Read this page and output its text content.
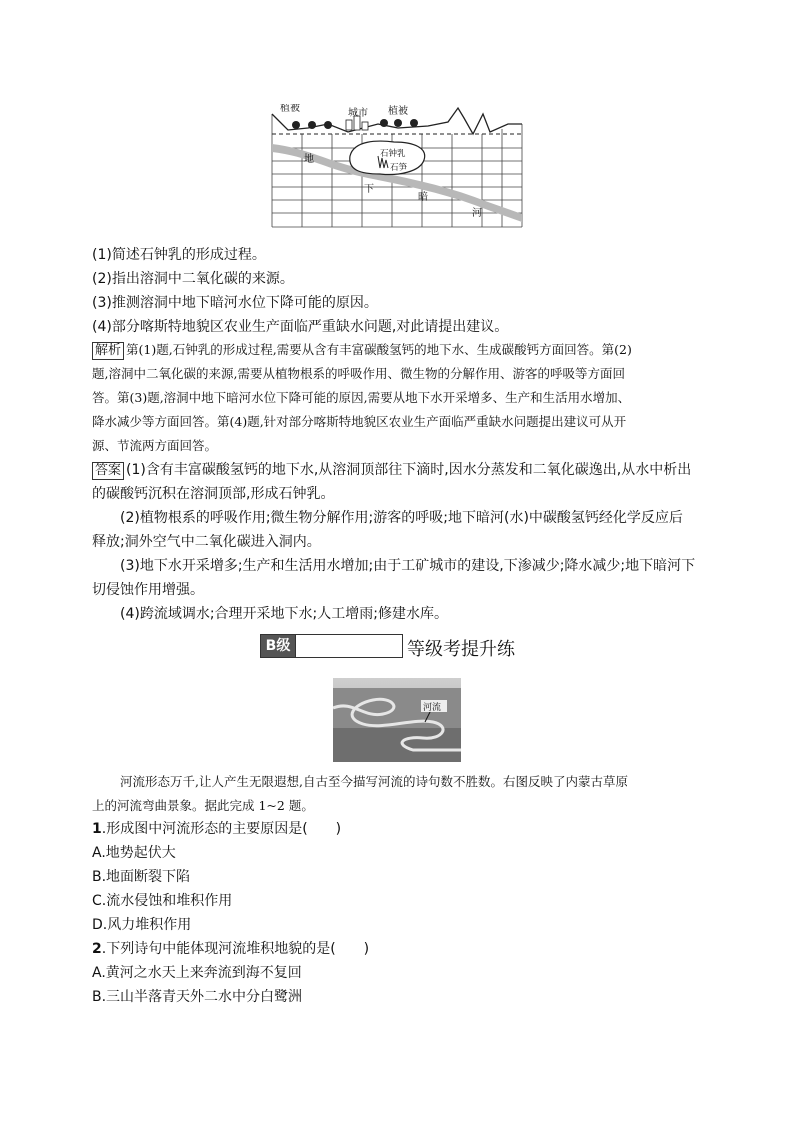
植被	城市 植被
地
下
暗
河
石钟乳
石笋
(1)简述石钟乳的形成过程。
(2)指出溶洞中二氧化碳的来源。
(3)推测溶洞中地下暗河水位下降可能的原因。
(4)部分喀斯特地貌区农业生产面临严重缺水问题,对此请提出建议。

解析 第(1)题,石钟乳的形成过程,需要从含有丰富碳酸氢钙的地下水、生成碳酸钙方面回答。第(2)

题,溶洞中二氧化碳的来源,需要从植物根系的呼吸作用、微生物的分解作用、游客的呼吸等方面回

答。第(3)题,溶洞中地下暗河水位下降可能的原因,需要从地下水开采增多、生产和生活用水增加、

降水减少等方面回答。第(4)题,针对部分喀斯特地貌区农业生产面临严重缺水问题提出建议可从开

源、节流两方面回答。

答案 (1)含有丰富碳酸氢钙的地下水,从溶洞顶部往下滴时,因水分蒸发和二氧化碳逸出,从水中析出

的碳酸钙沉积在溶洞顶部,形成石钟乳。

(2)植物根系的呼吸作用;微生物分解作用;游客的呼吸;地下暗河(水)中碳酸氢钙经化学反应后

释放;洞外空气中二氧化碳进入洞内。

(3)地下水开采增多;生产和生活用水增加;由于工矿城市的建设,下渗减少;降水减少;地下暗河下

切侵蚀作用增强。

(4)跨流域调水;合理开采地下水;人工增雨;修建水库。

B级	等级考提升练
河流
河流形态万千,让人产生无限遐想,自古至今描写河流的诗句数不胜数。右图反映了内蒙古草原
上的河流弯曲景象。据此完成 1~2 题。
1.形成图中河流形态的主要原因是(　　)
A.地势起伏大
B.地面断裂下陷
C.流水侵蚀和堆积作用
D.风力堆积作用
2.下列诗句中能体现河流堆积地貌的是(　　)
A.黄河之水天上来奔流到海不复回
B.三山半落青天外二水中分白鹭洲
